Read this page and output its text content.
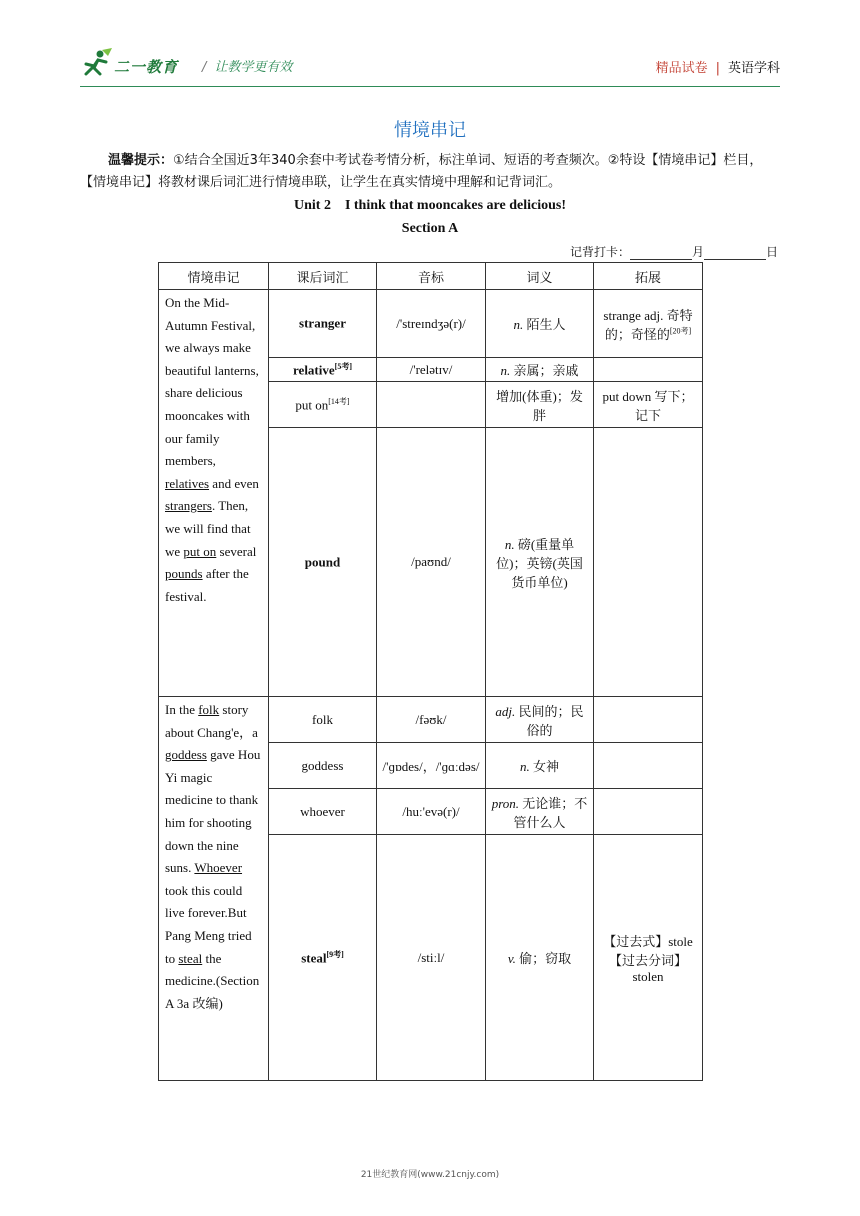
二一教育 / 让教学更有效	精品试卷 | 英语学科
情境串记
温馨提示：①结合全国近3年340余套中考试卷考情分析，标注单词、短语的考查频次。②特设【情境串记】栏目，【情境串记】将教材课后词汇进行情境串联，让学生在真实情境中理解和记背词汇。
Unit 2    I think that mooncakes are delicious!
Section A
记背打卡：	月	日
情境串记	课后词汇	音标	词义	拓展
On the Mid-Autumn Festival, we always make beautiful lanterns, share delicious mooncakes with our family members, relatives and even strangers. Then, we will find that we put on several pounds after the festival.	stranger	/'streɪndʒə(r)/	n. 陌生人	strange adj. 奇特的；奇怪的[20考]
	relative[5考]	/'relətɪv/	n. 亲属；亲戚	
	put on[14考]		增加(体重)；发胖	put down 写下；记下
	pound	/paʊnd/	n. 磅(重量单位)；英镑(英国货币单位)	
In the folk story about Chang'e，a goddess gave Hou Yi magic medicine to thank him for shooting down the nine suns. Whoever took this could live forever.But Pang Meng tried to steal the medicine.(Section A 3a 改编)	folk	/fəʊk/	adj. 民间的；民俗的	
	goddess	/'ɡɒdes/，/'ɡɑːdəs/	n. 女神	
	whoever	/huː'evə(r)/	pron. 无论谁；不管什么人	
	steal[9考]	/stiːl/	v. 偷；窃取	【过去式】stole 【过去分词】stolen
21世纪教育网(www.21cnjy.com)
